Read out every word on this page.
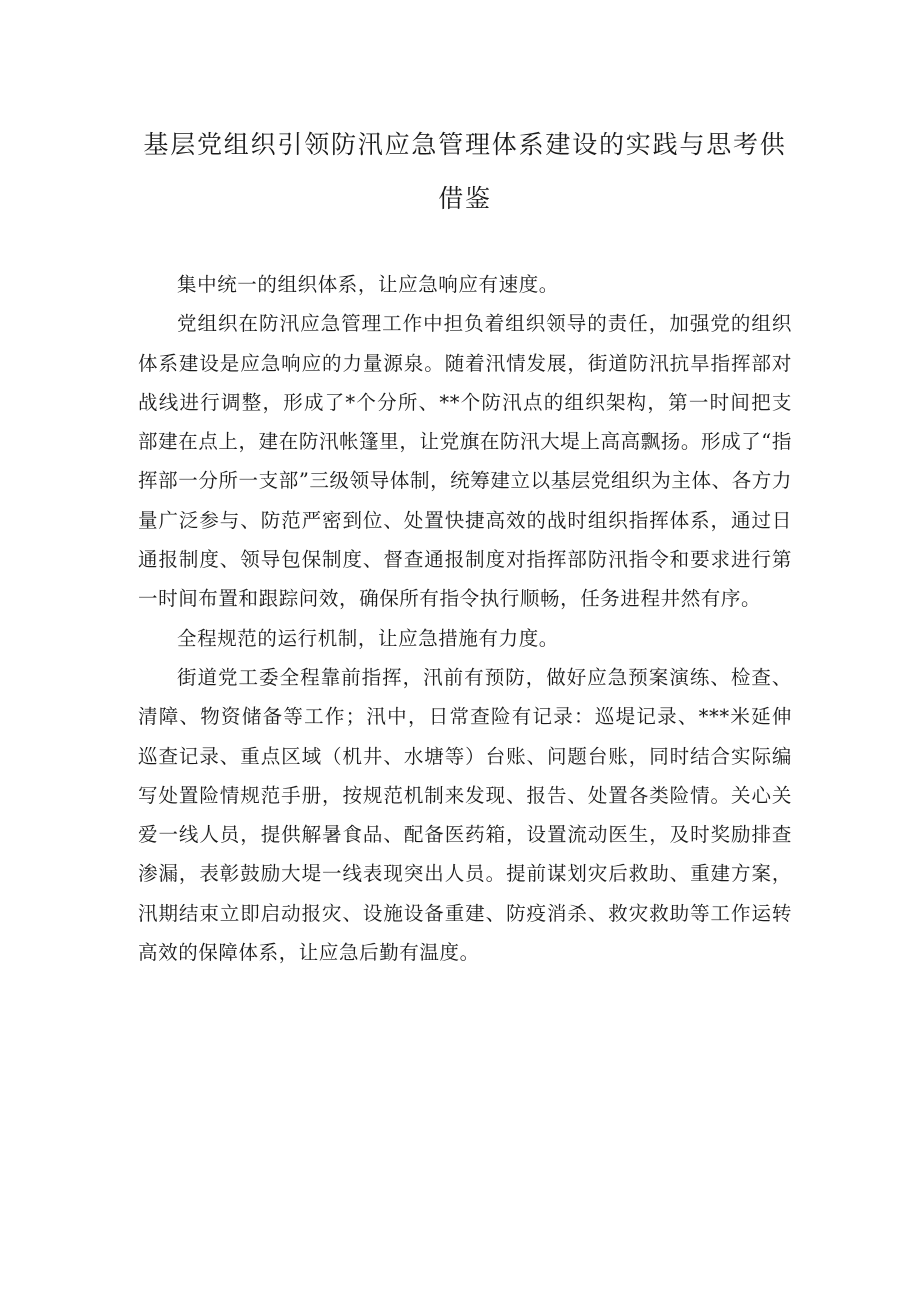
基层党组织引领防汛应急管理体系建设的实践与思考供借鉴

集中统一的组织体系，让应急响应有速度。

党组织在防汛应急管理工作中担负着组织领导的责任，加强党的组织体系建设是应急响应的力量源泉。随着汛情发展，街道防汛抗旱指挥部对战线进行调整，形成了*个分所、**个防汛点的组织架构，第一时间把支部建在点上，建在防汛帐篷里，让党旗在防汛大堤上高高飘扬。形成了“指挥部一分所一支部”三级领导体制，统筹建立以基层党组织为主体、各方力量广泛参与、防范严密到位、处置快捷高效的战时组织指挥体系，通过日通报制度、领导包保制度、督查通报制度对指挥部防汛指令和要求进行第一时间布置和跟踪问效，确保所有指令执行顺畅，任务进程井然有序。

全程规范的运行机制，让应急措施有力度。

街道党工委全程靠前指挥，汛前有预防，做好应急预案演练、检查、清障、物资储备等工作；汛中，日常查险有记录：巡堤记录、***米延伸巡查记录、重点区域（机井、水塘等）台账、问题台账，同时结合实际编写处置险情规范手册，按规范机制来发现、报告、处置各类险情。关心关爱一线人员，提供解暑食品、配备医药箱，设置流动医生，及时奖励排查渗漏，表彰鼓励大堤一线表现突出人员。提前谋划灾后救助、重建方案，汛期结束立即启动报灾、设施设备重建、防疫消杀、救灾救助等工作运转高效的保障体系，让应急后勤有温度。
